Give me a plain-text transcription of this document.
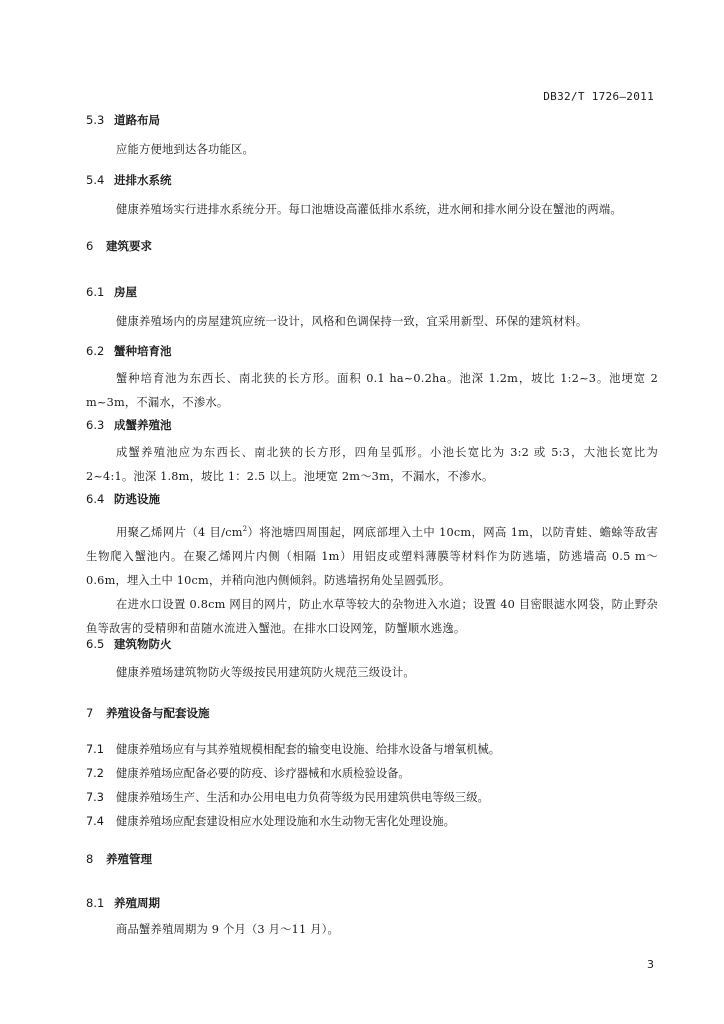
DB32/T 1726—2011
5.3 道路布局

应能方便地到达各功能区。

5.4 进排水系统

健康养殖场实行进排水系统分开。每口池塘设高灌低排水系统，进水闸和排水闸分设在蟹池的两端。

6 建筑要求
6.1 房屋

健康养殖场内的房屋建筑应统一设计，风格和色调保持一致，宜采用新型、环保的建筑材料。

6.2 蟹种培育池

蟹种培育池为东西长、南北狭的长方形。面积 0.1 ha~0.2ha。池深 1.2m，坡比 1:2~3。池埂宽 2 m~3m，不漏水，不渗水。

6.3 成蟹养殖池

成蟹养殖池应为东西长、南北狭的长方形，四角呈弧形。小池长宽比为 3:2 或 5:3，大池长宽比为 2~4:1。池深 1.8m，坡比 1：2.5 以上。池埂宽 2m～3m，不漏水，不渗水。

6.4 防逃设施

用聚乙烯网片（4 目$/cm^2$）将池塘四周围起，网底部埋入土中 10cm，网高 1m，以防青蛙、蟾蜍等敌害生物爬入蟹池内。在聚乙烯网片内侧（相隔 1m）用铝皮或塑料薄膜等材料作为防逃墙，防逃墙高 0.5 m～0.6m，埋入土中 10cm，并稍向池内侧倾斜。防逃墙拐角处呈圆弧形。

在进水口设置 0.8cm 网目的网片，防止水草等较大的杂物进入水道；设置 40 目密眼滤水网袋，防止野杂鱼等敌害的受精卵和苗随水流进入蟹池。在排水口设网笼，防蟹顺水逃逸。

6.5 建筑物防火

健康养殖场建筑物防火等级按民用建筑防火规范三级设计。

7 养殖设备与配套设施
7.1 健康养殖场应有与其养殖规模相配套的输变电设施、给排水设备与增氧机械。
7.2 健康养殖场应配备必要的防疫、诊疗器械和水质检验设备。
7.3 健康养殖场生产、生活和办公用电电力负荷等级为民用建筑供电等级三级。
7.4 健康养殖场应配套建设相应水处理设施和水生动物无害化处理设施。
8 养殖管理
8.1 养殖周期

商品蟹养殖周期为 9 个月（3 月～11 月）。

3
